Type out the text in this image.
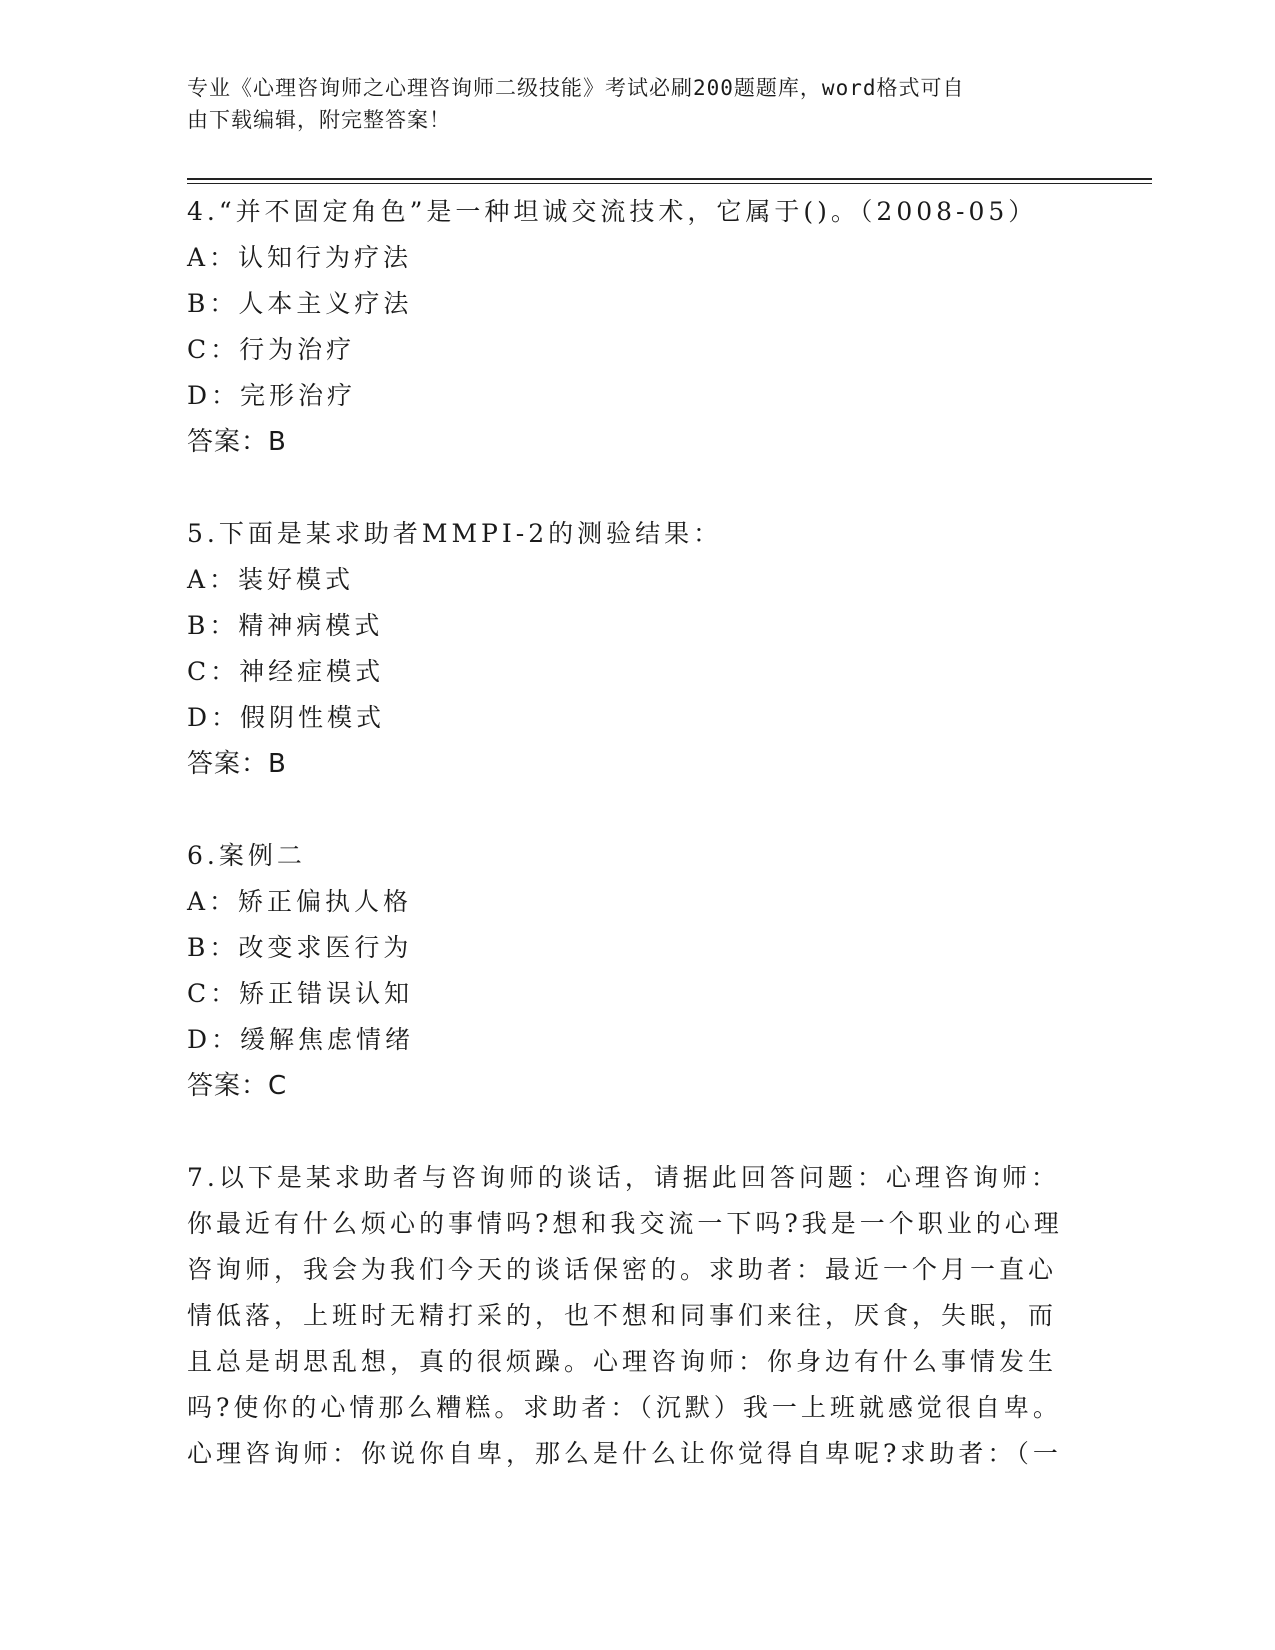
专业《心理咨询师之心理咨询师二级技能》考试必刷200题题库，word格式可自
由下载编辑，附完整答案！
4.“并不固定角色”是一种坦诚交流技术，它属于()。（2008-05）
A：认知行为疗法
B：人本主义疗法
C：行为治疗
D：完形治疗
答案：B
5.下面是某求助者MMPI-2的测验结果：
A：装好模式
B：精神病模式
C：神经症模式
D：假阴性模式
答案：B
6.案例二
A：矫正偏执人格
B：改变求医行为
C：矫正错误认知
D：缓解焦虑情绪
答案：C
7.以下是某求助者与咨询师的谈话，请据此回答问题：心理咨询师：
你最近有什么烦心的事情吗?想和我交流一下吗?我是一个职业的心理
咨询师，我会为我们今天的谈话保密的。求助者：最近一个月一直心
情低落，上班时无精打采的，也不想和同事们来往，厌食，失眠，而
且总是胡思乱想，真的很烦躁。心理咨询师：你身边有什么事情发生
吗?使你的心情那么糟糕。求助者：（沉默）我一上班就感觉很自卑。
心理咨询师：你说你自卑，那么是什么让你觉得自卑呢?求助者：（一
